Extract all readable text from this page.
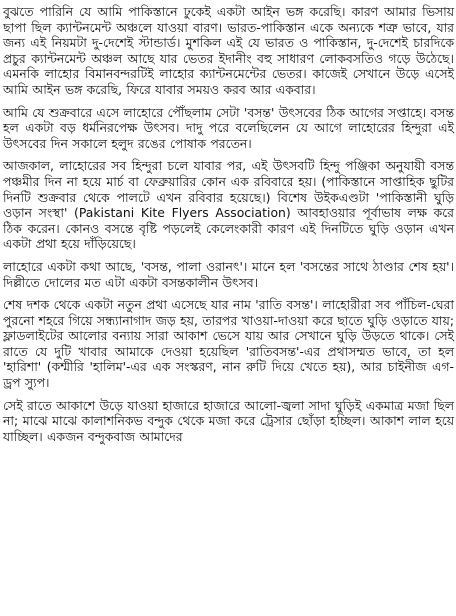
বুঝতে পারিনি যে আমি পাকিস্তানে ঢুকেই একটা আইন ভঙ্গ করেছি। কারণ আমার ভিসায় ছাপা ছিল ক্যান্টনমেন্ট অঞ্চলে যাওয়া বারণ। ভারত-পাকিস্তান একে অন্যকে শত্রু ভাবে, যার জন্য এই নিয়মটা দু-দেশেই স্টান্ডার্ড। মুশকিল এই যে ভারত ও পাকিস্তান, দু-দেশেই চারদিকে প্রচুর ক্যান্টনমেন্ট অঞ্চল আছে যার ভেতর ইদানীং বহু সাধারণ লোকবসতিও গড়ে উঠেছে। এমনকি লাহোর বিমানবন্দরটিই লাহোর ক্যান্টনমেন্টের ভেতর। কাজেই সেখানে উড়ে এসেই আমি আইন ভঙ্গ করেছি, ফিরে যাবার সময়ও করব আর একবার।

আমি যে শুক্রবারে এসে লাহোরে পৌঁছলাম সেটা 'বসন্ত' উৎসবের ঠিক আগের সপ্তাহে। বসন্ত হল একটা বড় ধর্মনিরপেক্ষ উৎসব। দাদু পরে বলেছিলেন যে আগে লাহোরের হিন্দুরা এই উৎসবের দিন সকালে হলুদ রঙের পোষাক পরতেন।

আজকাল, লাহোরের সব হিন্দুরা চলে যাবার পর, এই উৎসবটি হিন্দু পঞ্জিকা অনুযায়ী বসন্ত পঞ্চমীর দিন না হয়ে মার্চ বা ফেব্রুয়ারির কোন এক রবিবারে হয়। (পাকিস্তানে সাপ্তাহিক ছুটির দিনটি শুক্রবার থেকে পালটে এখন রবিবার হয়েছে।) বিশেষ উইকএণ্ডটা 'পাকিস্তানী ঘুড়ি ওড়ান সংস্থা' (Pakistani Kite Flyers Association) আবহাওয়ার পূর্বাভাষ লক্ষ করে ঠিক করেন। কোনও বসন্তে বৃষ্টি পড়লেই কেলেংকারী কারণ এই দিনটিতে ঘুড়ি ওড়ান এখন একটা প্রথা হয়ে দাঁড়িয়েছে।

লাহোরে একটা কথা আছে, 'বসন্ত, পালা ওরানৎ'। মানে হল 'বসন্তের সাথে ঠাণ্ডার শেষ হয়'। দিল্লীতে দোলের মত এটা একটা বসন্তকালীন উৎসব।

শেষ দশক থেকে একটা নতুন প্রথা এসেছে যার নাম 'রাতি বসন্ত'। লাহোরীরা সব পাঁচিল-ঘেরা পুরনো শহরে গিয়ে সন্ধ্যানাগাদ জড় হয়, তারপর খাওয়া-দাওয়া করে ছাতে ঘুড়ি ওড়াতে যায়; ফ্লাডলাইটের আলোর বন্যায় সারা আকাশ ভেসে যায় আর সেখানে ঘুড়ি উড়তে থাকে। সেই রাতে যে দুটি খাবার আমাকে দেওয়া হয়েছিল 'রাতিবসন্ত'-এর প্রথাসম্মত ভাবে, তা হল 'হারিশা' (কশ্মীরি 'হালিম'-এর এক সংস্করণ, নান রুটি দিয়ে খেতে হয়), আর চাইনীজ এগ-ড্রপ স্যুপ।

সেই রাতে আকাশে উড়ে যাওয়া হাজারে হাজারে আলো-জ্বলা সাদা ঘুড়িই একমাত্র মজা ছিল না; মাঝে মাঝে কালাশনিকভ বন্দুক থেকে মজা করে ট্রেসার ছোঁড়া হচ্ছিল। আকাশ লাল হয়ে যাচ্ছিল। একজন বন্দুকবাজ আমাদের
